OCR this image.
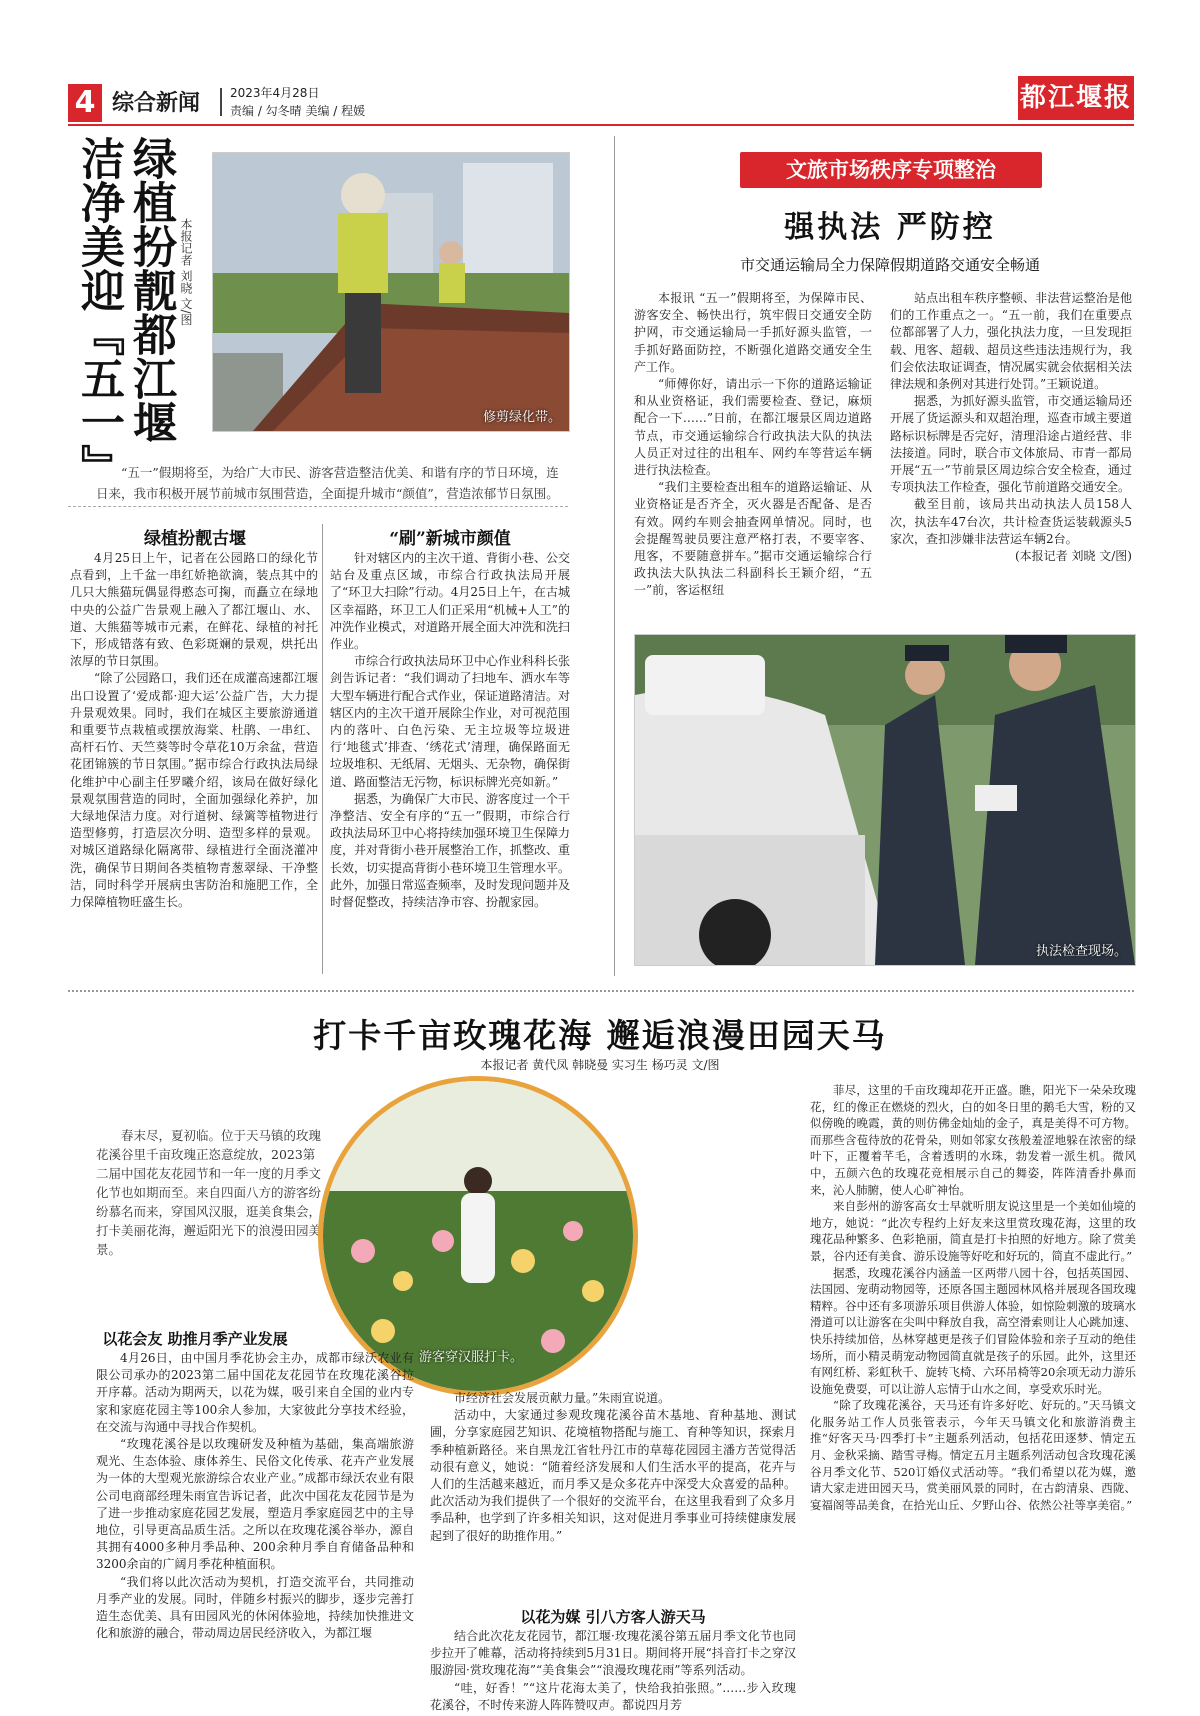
4 综合新闻 2023年4月28日
责编 / 勾冬晴 美编 / 程媛	都江堰报
绿植扮靓都江堰 洁净美迎『五一』	本报记者 刘晓 文/图
修剪绿化带。
“五一”假期将至，为给广大市民、游客营造整洁优美、和谐有序的节日环境，连日来，我市积极开展节前城市氛围营造，全面提升城市“颜值”，营造浓郁节日氛围。
绿植扮靓古堰

4月25日上午，记者在公园路口的绿化节点看到，上千盆一串红娇艳欲滴，装点其中的几只大熊猫玩偶显得憨态可掬，而矗立在绿地中央的公益广告景观上融入了都江堰山、水、道、大熊猫等城市元素，在鲜花、绿植的衬托下，形成错落有致、色彩斑斓的景观，烘托出浓厚的节日氛围。

“除了公园路口，我们还在成灌高速都江堰出口设置了‘爱成都·迎大运’公益广告，大力提升景观效果。同时，我们在城区主要旅游通道和重要节点栽植或摆放海棠、杜鹃、一串红、高杆石竹、天竺葵等时令草花10万余盆，营造花团锦簇的节日氛围。”据市综合行政执法局绿化维护中心副主任罗曦介绍，该局在做好绿化景观氛围营造的同时，全面加强绿化养护，加大绿地保洁力度。对行道树、绿篱等植物进行造型修剪，打造层次分明、造型多样的景观。对城区道路绿化隔离带、绿植进行全面浇灌冲洗，确保节日期间各类植物青葱翠绿、干净整洁，同时科学开展病虫害防治和施肥工作，全力保障植物旺盛生长。

“刷”新城市颜值

针对辖区内的主次干道、背街小巷、公交站台及重点区域，市综合行政执法局开展了“环卫大扫除”行动。4月25日上午，在古城区幸福路，环卫工人们正采用“机械+人工”的冲洗作业模式，对道路开展全面大冲洗和洗扫作业。

市综合行政执法局环卫中心作业科科长张剑告诉记者：“我们调动了扫地车、洒水车等大型车辆进行配合式作业，保证道路清洁。对辖区内的主次干道开展除尘作业，对可视范围内的落叶、白色污染、无主垃圾等垃圾进行‘地毯式’排查、‘绣花式’清理，确保路面无垃圾堆积、无纸屑、无烟头、无杂物，确保街道、路面整洁无污物，标识标牌光亮如新。”

据悉，为确保广大市民、游客度过一个干净整洁、安全有序的“五一”假期，市综合行政执法局环卫中心将持续加强环境卫生保障力度，并对背街小巷开展整治工作，抓整改、重长效，切实提高背街小巷环境卫生管理水平。此外，加强日常巡查频率，及时发现问题并及时督促整改，持续洁净市容、扮靓家园。

文旅市场秩序专项整治
强执法 严防控
市交通运输局全力保障假期道路交通安全畅通

本报讯 “五一”假期将至，为保障市民、游客安全、畅快出行，筑牢假日交通安全防护网，市交通运输局一手抓好源头监管，一手抓好路面防控，不断强化道路交通安全生产工作。

“师傅你好，请出示一下你的道路运输证和从业资格证，我们需要检查、登记，麻烦配合一下……”日前，在都江堰景区周边道路节点，市交通运输综合行政执法大队的执法人员正对过往的出租车、网约车等营运车辆进行执法检查。

“我们主要检查出租车的道路运输证、从业资格证是否齐全，灭火器是否配备、是否有效。网约车则会抽查网单情况。同时，也会提醒驾驶员要注意严格打表，不要宰客、甩客，不要随意拼车。”据市交通运输综合行政执法大队执法二科副科长王颖介绍，“五一”前，客运枢纽

站点出租车秩序整顿、非法营运整治是他们的工作重点之一。“五一前，我们在重要点位都部署了人力，强化执法力度，一旦发现拒载、甩客、超载、超员这些违法违规行为，我们会依法取证调查，情况属实就会依据相关法律法规和条例对其进行处罚。”王颖说道。

据悉，为抓好源头监管，市交通运输局还开展了货运源头和双超治理，巡查市域主要道路标识标牌是否完好，清理沿途占道经营、非法接道。同时，联合市文体旅局、市青一都局开展“五一”节前景区周边综合安全检查，通过专项执法工作检查，强化节前道路交通安全。

截至目前，该局共出动执法人员158人次，执法车47台次，共计检查货运装载源头5家次，查扣涉嫌非法营运车辆2台。

(本报记者 刘晓 文/图)
执法检查现场。
打卡千亩玫瑰花海 邂逅浪漫田园天马
本报记者 黄代凤 韩晓曼 实习生 杨巧灵 文/图
春末尽，夏初临。位于天马镇的玫瑰花溪谷里千亩玫瑰正恣意绽放，2023第二届中国花友花园节和一年一度的月季文化节也如期而至。来自四面八方的游客纷纷慕名而来，穿国风汉服，逛美食集会，打卡美丽花海，邂逅阳光下的浪漫田园美景。
游客穿汉服打卡。
以花会友 助推月季产业发展

4月26日，由中国月季花协会主办，成都市绿沃农业有限公司承办的2023第二届中国花友花园节在玫瑰花溪谷拉开序幕。活动为期两天，以花为媒，吸引来自全国的业内专家和家庭花园主等100余人参加，大家彼此分享技术经验，在交流与沟通中寻找合作契机。

“玫瑰花溪谷是以玫瑰研发及种植为基础，集高端旅游观光、生态体验、康体养生、民俗文化传承、花卉产业发展为一体的大型观光旅游综合农业产业。”成都市绿沃农业有限公司电商部经理朱雨宣告诉记者，此次中国花友花园节是为了进一步推动家庭花园艺发展，塑造月季家庭园艺中的主导地位，引导更高品质生活。之所以在玫瑰花溪谷举办，源自其拥有4000多种月季品种、200余种月季自育储备品种和3200余亩的广阔月季花种植面积。

“我们将以此次活动为契机，打造交流平台，共同推动月季产业的发展。同时，伴随乡村振兴的脚步，逐步完善打造生态优美、具有田园风光的休闲体验地，持续加快推进文化和旅游的融合，带动周边居民经济收入，为都江堰

市经济社会发展贡献力量。”朱雨宣说道。

活动中，大家通过参观玫瑰花溪谷苗木基地、育种基地、测试圃，分享家庭园艺知识、花境植物搭配与施工、育种等知识，探索月季种植新路径。来自黑龙江省牡丹江市的草莓花园园主潘方苦觉得活动很有意义，她说：“随着经济发展和人们生活水平的提高，花卉与人们的生活越来越近，而月季又是众多花卉中深受大众喜爱的品种。此次活动为我们提供了一个很好的交流平台，在这里我看到了众多月季品种，也学到了许多相关知识，这对促进月季事业可持续健康发展起到了很好的助推作用。”

以花为媒 引八方客人游天马

结合此次花友花园节，都江堰·玫瑰花溪谷第五届月季文化节也同步拉开了帷幕，活动将持续到5月31日。期间将开展“抖音打卡之穿汉服游园·赏玫瑰花海”“美食集会”“浪漫玫瑰花雨”等系列活动。

“哇，好香！”“这片花海太美了，快给我拍张照。”……步入玫瑰花溪谷，不时传来游人阵阵赞叹声。都说四月芳

菲尽，这里的千亩玫瑰却花开正盛。瞧，阳光下一朵朵玫瑰花，红的像正在燃烧的烈火，白的如冬日里的鹅毛大雪，粉的又似傍晚的晚霞，黄的则仿佛金灿灿的金子，真是美得不可方物。而那些含苞待放的花骨朵，则如邻家女孩般羞涩地躲在浓密的绿叶下，正覆着芊毛，含着透明的水珠，勃发着一派生机。微风中，五颜六色的玫瑰花竞相展示自己的舞姿，阵阵清香扑鼻而来，沁人肺腑，使人心旷神怡。

来自彭州的游客高女士早就听朋友说这里是一个美如仙境的地方，她说：“此次专程约上好友来这里赏玫瑰花海，这里的玫瑰花品种繁多、色彩艳丽，简直是打卡拍照的好地方。除了赏美景，谷内还有美食、游乐设施等好吃和好玩的，简直不虚此行。”

据悉，玫瑰花溪谷内涵盖一区两带八园十谷，包括英国园、法国园、宠萌动物园等，还原各国主题园林风格并展现各国玫瑰精粹。谷中还有多项游乐项目供游人体验，如惊险刺激的玻璃水滑道可以让游客在尖叫中释放自我，高空滑索则让人心跳加速、快乐持续加倍，丛林穿越更是孩子们冒险体验和亲子互动的绝佳场所，而小精灵萌宠动物园简直就是孩子的乐园。此外，这里还有网红桥、彩虹秋千、旋转飞椅、六环吊椅等20余项无动力游乐设施免费耍，可以让游人忘情于山水之间，享受欢乐时光。

“除了玫瑰花溪谷，天马还有许多好吃、好玩的。”天马镇文化服务站工作人员张管表示，今年天马镇文化和旅游消费主推“好客天马·四季打卡”主题系列活动，包括花田逐梦、情定五月、金秋采摘、踏雪寻梅。情定五月主题系列活动包含玫瑰花溪谷月季文化节、520订婚仪式活动等。“我们希望以花为媒，邀请大家走进田园天马，赏美丽风景的同时，在古韵清泉、西陇、宴福阁等品美食，在拾光山丘、夕野山谷、依然公社等享美宿。”
